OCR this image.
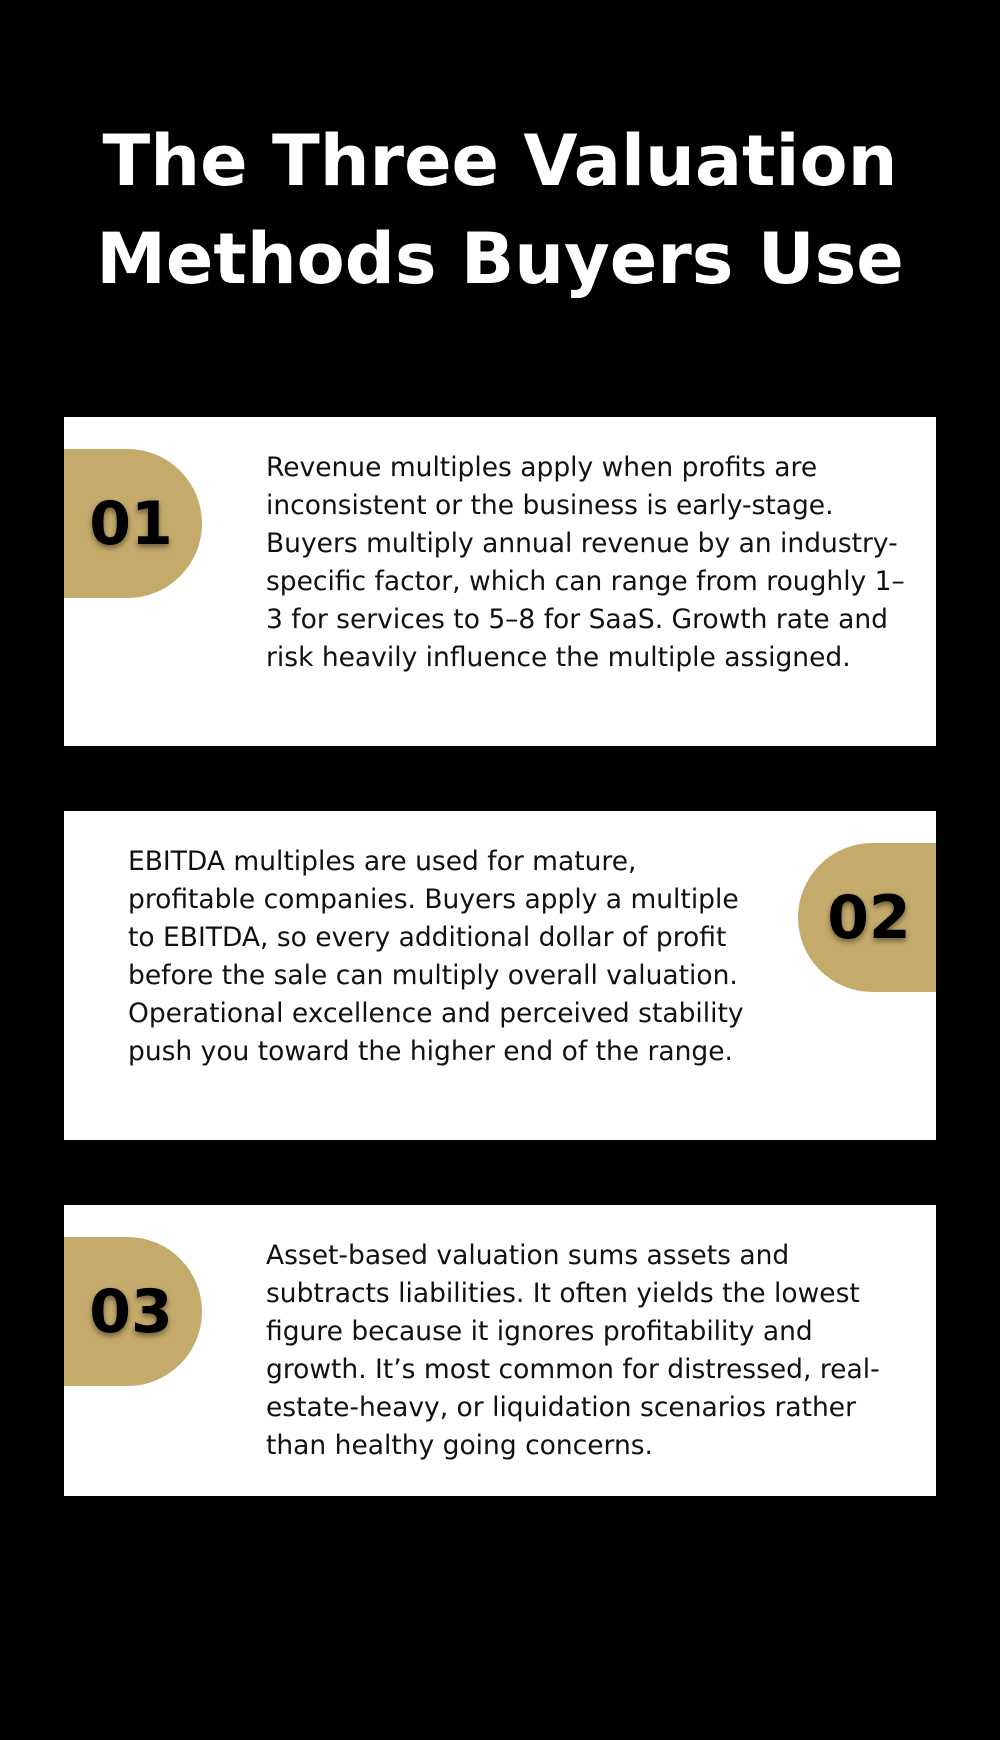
The Three Valuation
Methods Buyers Use
01

Revenue multiples apply when profits are inconsistent or the business is early-stage. Buyers multiply annual revenue by an industry-specific factor, which can range from roughly 1–3 for services to 5–8 for SaaS. Growth rate and risk heavily influence the multiple assigned.

EBITDA multiples are used for mature, profitable companies. Buyers apply a multiple to EBITDA, so every additional dollar of profit before the sale can multiply overall valuation. Operational excellence and perceived stability push you toward the higher end of the range.

02
03

Asset-based valuation sums assets and subtracts liabilities. It often yields the lowest figure because it ignores profitability and growth. It’s most common for distressed, real-estate-heavy, or liquidation scenarios rather than healthy going concerns.
